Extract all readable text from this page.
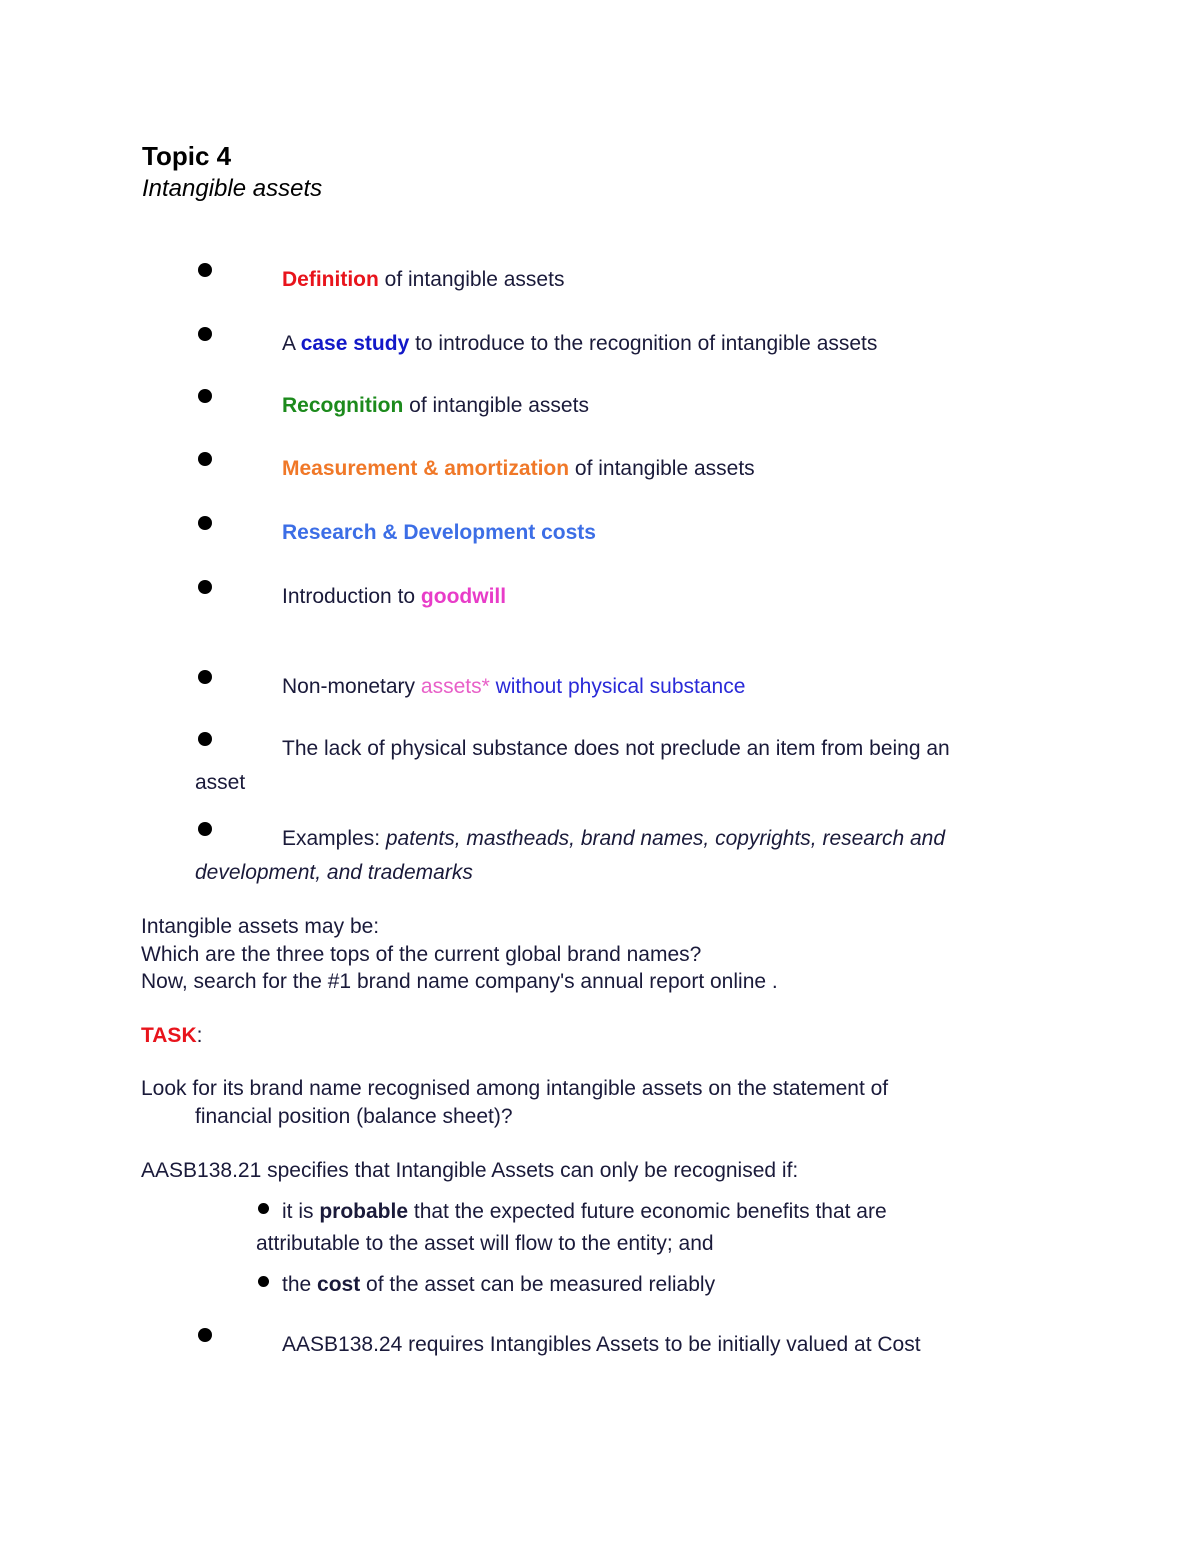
Topic 4
Intangible assets
Definition of intangible assets
A case study to introduce to the recognition of intangible assets
Recognition of intangible assets
Measurement & amortization of intangible assets
Research & Development costs
Introduction to goodwill
Non-monetary assets* without physical substance
The lack of physical substance does not preclude an item from being an
asset
Examples: patents, mastheads, brand names, copyrights, research and
development, and trademarks
Intangible assets may be:
Which are the three tops of the current global brand names?
Now, search for the #1 brand name company's annual report online .
TASK:
Look for its brand name recognised among intangible assets on the statement of
financial position (balance sheet)?
AASB138.21 specifies that Intangible Assets can only be recognised if:
it is probable that the expected future economic benefits that are
attributable to the asset will flow to the entity; and
the cost of the asset can be measured reliably
AASB138.24 requires Intangibles Assets to be initially valued at Cost
